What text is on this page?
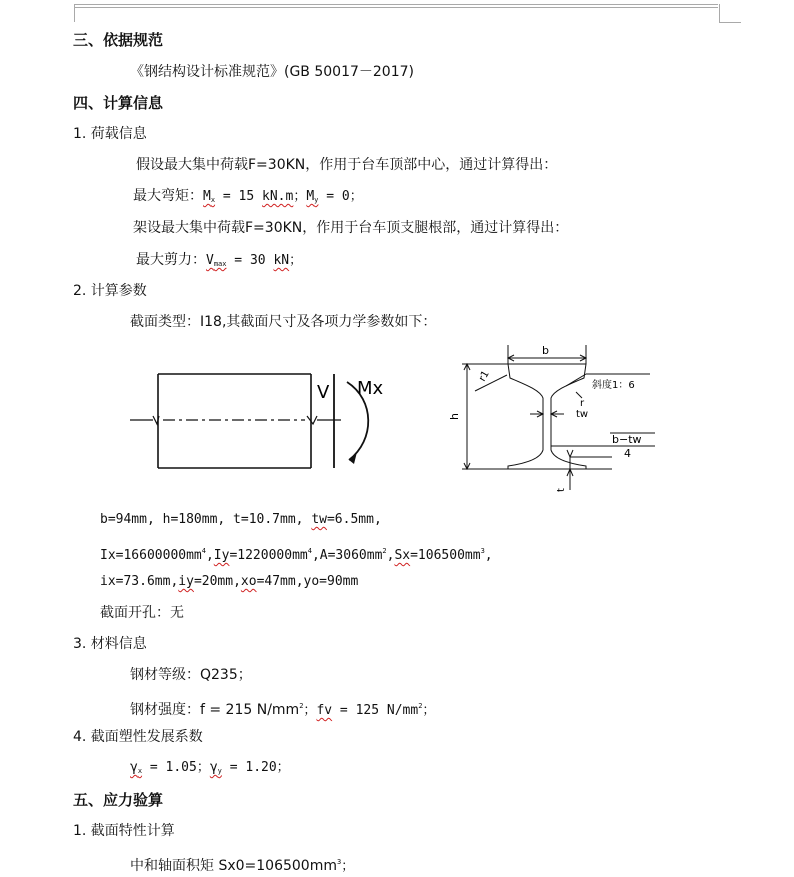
三、依据规范
《钢结构设计标准规范》(GB 50017－2017)
四、计算信息
1. 荷载信息
假设最大集中荷载F=30KN，作用于台车顶部中心，通过计算得出：
最大弯矩：$M_x = 15$ kN.m；$M_y = 0$；
架设最大集中荷载F=30KN，作用于台车顶支腿根部，通过计算得出：
最大剪力：$V_{max} = 30$ kN；
2. 计算参数
截面类型：I18,其截面尺寸及各项力学参数如下：
V Mx
b
h
r1
斜度1：6
r
tw
b−tw
4
t
b=94mm, h=180mm, t=10.7mm, tw=6.5mm,
$Ix=16600000mm^4,Iy=1220000mm^4,A=3060mm^2,Sx=106500mm^3$,
ix=73.6mm,iy=20mm,xo=47mm,yo=90mm
截面开孔：无
3. 材料信息
钢材等级：Q235；
钢材强度：f = 215 $N/mm^2$；fv = 125 $N/mm^2$；
4. 截面塑性发展系数
$\gamma_x = 1.05$；$\gamma_y = 1.20$；
五、应力验算
1. 截面特性计算
中和轴面积矩 $Sx0=106500mm^3$；
